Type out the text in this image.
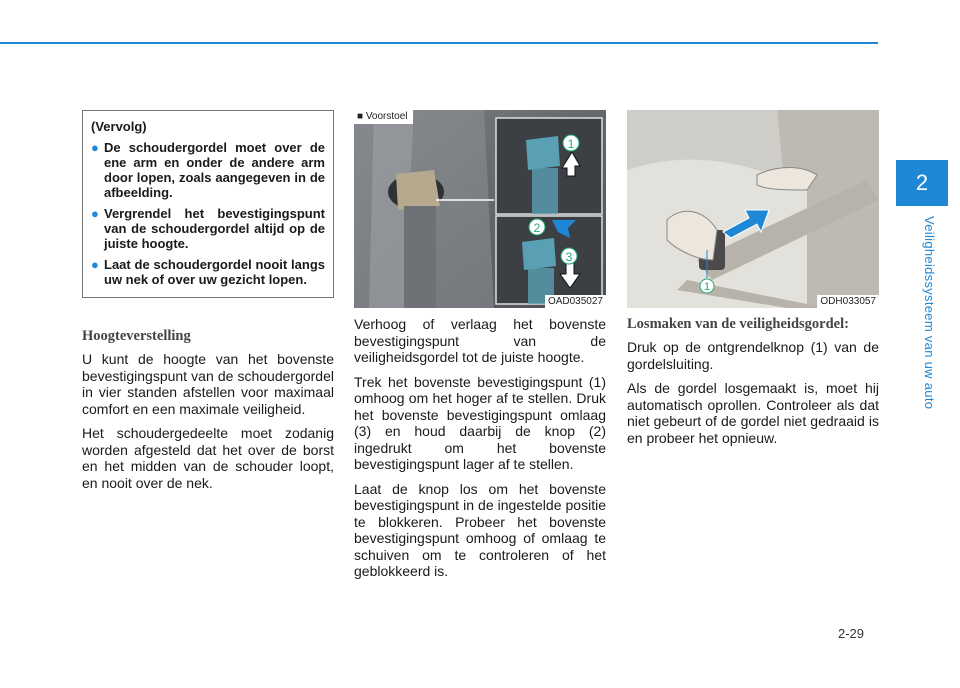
2
Veiligheidssysteem van uw auto
(Vervolg)
● De schoudergordel moet over de ene arm en onder de andere arm door lopen, zoals aangegeven in de afbeelding.
● Vergrendel het bevestigingspunt van de schoudergordel altijd op de juiste hoogte.
● Laat de schoudergordel nooit langs uw nek of over uw gezicht lopen.
Hoogteverstelling

U kunt de hoogte van het bovenste bevestigingspunt van de schoudergordel in vier standen afstellen voor maximaal comfort en een maximale veiligheid.

Het schoudergedeelte moet zodanig worden afgesteld dat het over de borst en het midden van de schouder loopt, en nooit over de nek.

1
2
3
■ Voorstoel
OAD035027

Verhoog of verlaag het bovenste bevestigingspunt van de veiligheidsgordel tot de juiste hoogte.

Trek het bovenste bevestigingspunt (1) omhoog om het hoger af te stellen. Druk het bovenste bevestigingspunt omlaag (3) en houd daarbij de knop (2) ingedrukt om het bovenste bevestigingspunt lager af te stellen.

Laat de knop los om het bovenste bevestigingspunt in de ingestelde positie te blokkeren. Probeer het bovenste bevestigingspunt omhoog of omlaag te schuiven om te controleren of het geblokkeerd is.

1
ODH033057
Losmaken van de veiligheidsgordel:

Druk op de ontgrendelknop (1) van de gordelsluiting.

Als de gordel losgemaakt is, moet hij automatisch oprollen. Controleer als dat niet gebeurt of de gordel niet gedraaid is en probeer het opnieuw.

2-29
